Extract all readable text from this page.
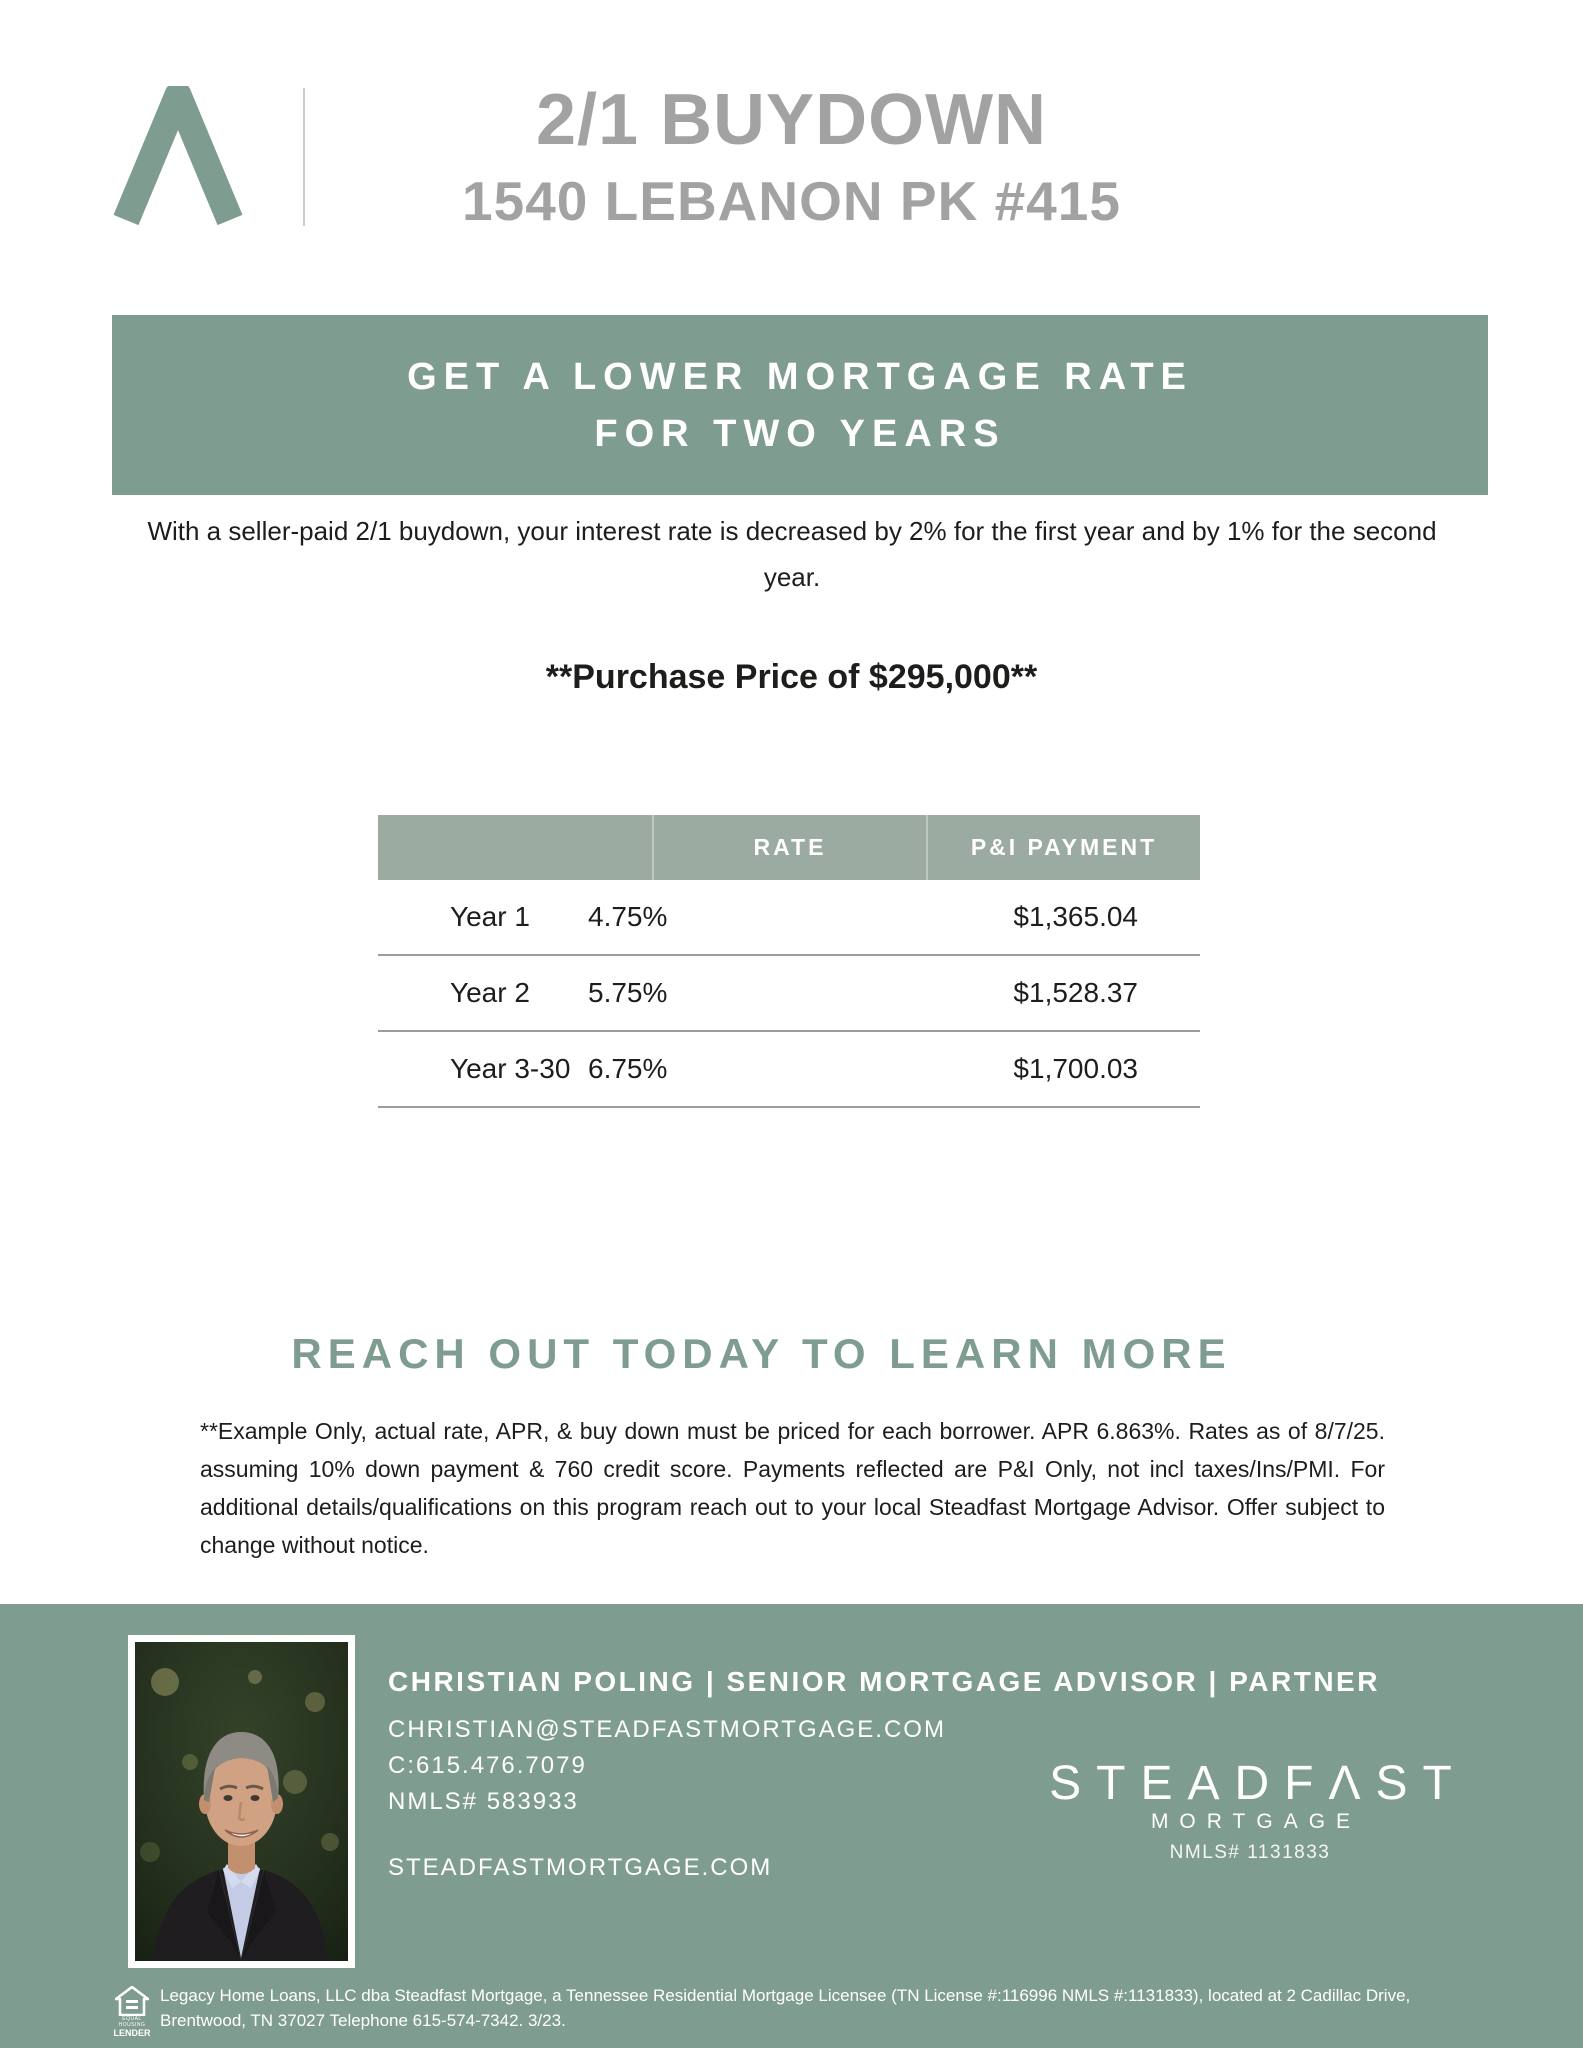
2/1 BUYDOWN
1540 LEBANON PK #415
GET A LOWER MORTGAGE RATE
FOR TWO YEARS
With a seller-paid 2/1 buydown, your interest rate is decreased by 2% for the first year and by 1% for the second year.
**Purchase Price of $295,000**
RATE	P&I PAYMENT
Year 1	4.75%	$1,365.04
Year 2	5.75%	$1,528.37
Year 3-30 6.75%	$1,700.03
REACH OUT TODAY TO LEARN MORE
**Example Only, actual rate, APR, & buy down must be priced for each borrower. APR 6.863%. Rates as of 8/7/25. assuming 10% down payment & 760 credit score. Payments reflected are P&I Only, not incl taxes/Ins/PMI. For additional details/qualifications on this program reach out to your local Steadfast Mortgage Advisor. Offer subject to change without notice.
CHRISTIAN POLING | SENIOR MORTGAGE ADVISOR | PARTNER
CHRISTIAN@STEADFASTMORTGAGE.COM
C:615.476.7079
NMLS# 583933
STEADFASTMORTGAGE.COM
STEADFΛST
MORTGAGE
NMLS# 1131833
EQUAL HOUSING
LENDER
Legacy Home Loans, LLC dba Steadfast Mortgage, a Tennessee Residential Mortgage Licensee (TN License #:116996 NMLS #:1131833), located at 2 Cadillac Drive, Brentwood, TN 37027 Telephone 615-574-7342. 3/23.
